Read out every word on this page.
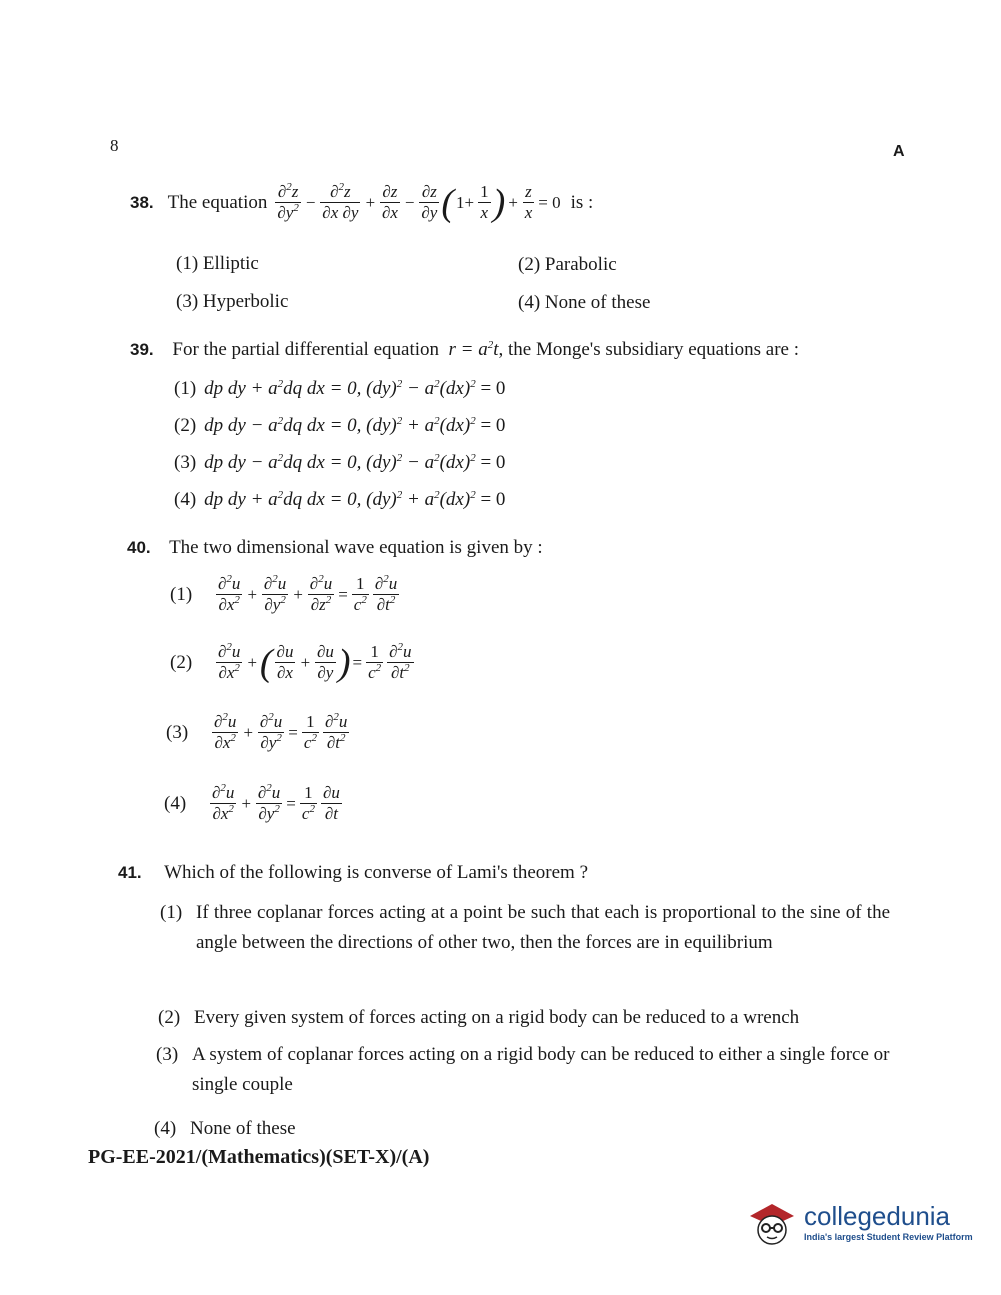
8	A
38. The equation $\frac{\partial^2z}{\partial y^2} - \frac{\partial^2z}{\partial x \partial y} + \frac{\partial z}{\partial x} - \frac{\partial z}{\partial y}$ ( $1+ \frac{1}{x}$ ) + $\frac{z}{x} = 0$ is :
(1) Elliptic	(2) Parabolic
(3) Hyperbolic	(4) None of these
39. For the partial differential equation  $r = a^2t$, the Monge's subsidiary equations are :
(1) dp dy + $a^2dq$ dx = 0, $(dy)^2 - a^2(dx)^2 = 0$
(2) dp dy − $a^2dq$ dx = 0, $(dy)^2 + a^2(dx)^2 = 0$
(3) dp dy − $a^2dq$ dx = 0, $(dy)^2 - a^2(dx)^2 = 0$
(4) dp dy + $a^2dq$ dx = 0, $(dy)^2 + a^2(dx)^2 = 0$
40. The two dimensional wave equation is given by :
(1)	$\frac{\partial^2u}{\partial x^2} + \frac{\partial^2u}{\partial y^2} + \frac{\partial^2u}{\partial z^2} = \frac{1}{c^2} \frac{\partial^2u}{\partial t^2}$
(2)	$\frac{\partial^2u}{\partial x^2}$ + ( $\frac{\partial u}{\partial x} + \frac{\partial u}{\partial y}$ ) = $\frac{1}{c^2} \frac{\partial^2u}{\partial t^2}$
(3)	$\frac{\partial^2u}{\partial x^2} + \frac{\partial^2u}{\partial y^2} = \frac{1}{c^2} \frac{\partial^2u}{\partial t^2}$
(4)	$\frac{\partial^2u}{\partial x^2} + \frac{\partial^2u}{\partial y^2} = \frac{1}{c^2} \frac{\partial u}{\partial t}$
41. Which of the following is converse of Lami's theorem ?
(1) If three coplanar forces acting at a point be such that each is proportional to the sine of the angle between the directions of other two, then the forces are in equilibrium
(2) Every given system of forces acting on a rigid body can be reduced to a wrench
(3) A system of coplanar forces acting on a rigid body can be reduced to either a single force or single couple
(4) None of these
PG-EE-2021/(Mathematics)(SET-X)/(A)
collegedunia
India's largest Student Review Platform
